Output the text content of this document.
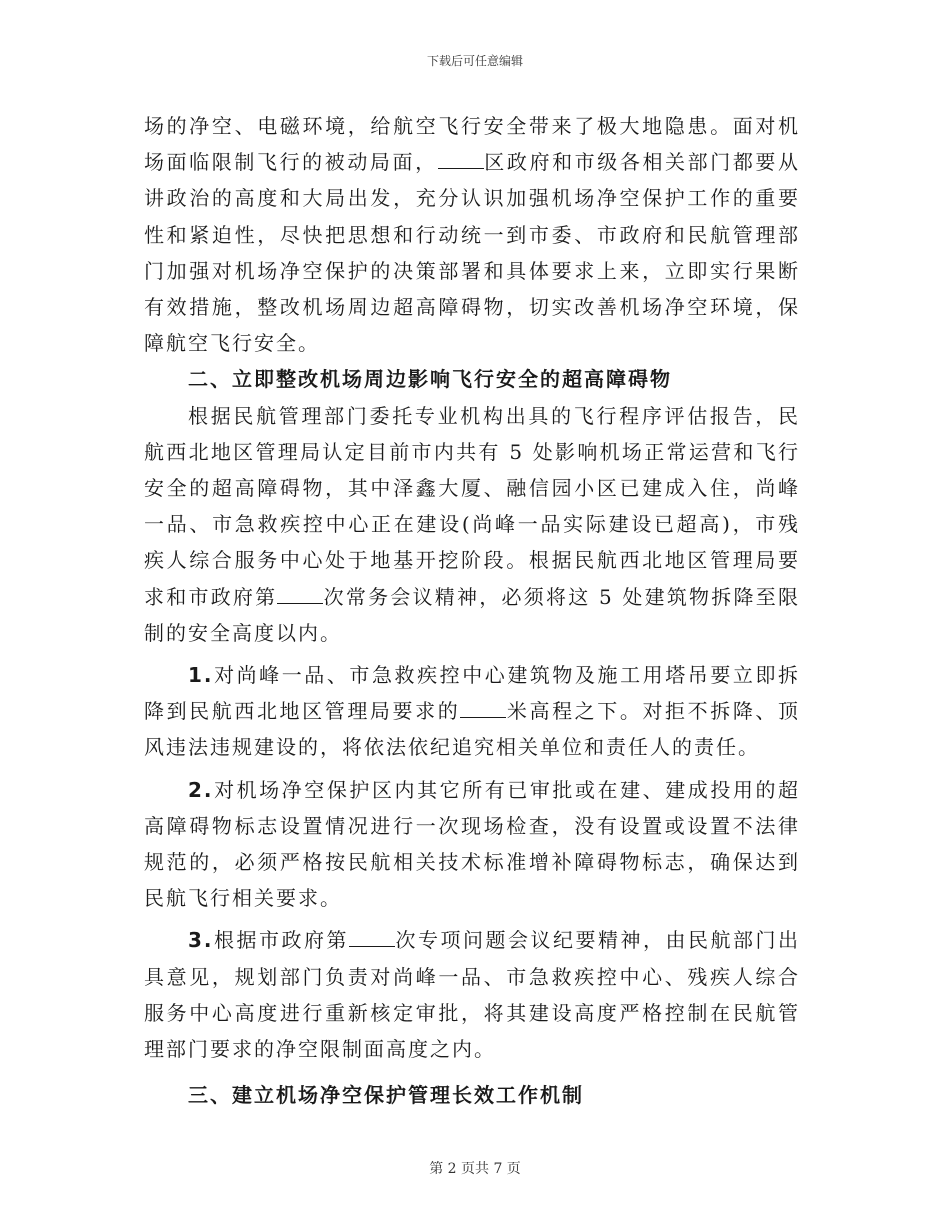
下载后可任意编辑

场的净空、电磁环境，给航空飞行安全带来了极大地隐患。面对机场面临限制飞行的被动局面， 区政府和市级各相关部门都要从讲政治的高度和大局出发，充分认识加强机场净空保护工作的重要性和紧迫性，尽快把思想和行动统一到市委、市政府和民航管理部门加强对机场净空保护的决策部署和具体要求上来，立即实行果断有效措施，整改机场周边超高障碍物，切实改善机场净空环境，保障航空飞行安全。

二、立即整改机场周边影响飞行安全的超高障碍物

根据民航管理部门委托专业机构出具的飞行程序评估报告，民航西北地区管理局认定目前市内共有 5 处影响机场正常运营和飞行安全的超高障碍物，其中泽鑫大厦、融信园小区已建成入住，尚峰一品、市急救疾控中心正在建设(尚峰一品实际建设已超高)，市残疾人综合服务中心处于地基开挖阶段。根据民航西北地区管理局要求和市政府第 次常务会议精神，必须将这 5 处建筑物拆降至限制的安全高度以内。

1.对尚峰一品、市急救疾控中心建筑物及施工用塔吊要立即拆降到民航西北地区管理局要求的 米高程之下。对拒不拆降、顶风违法违规建设的，将依法依纪追究相关单位和责任人的责任。

2.对机场净空保护区内其它所有已审批或在建、建成投用的超高障碍物标志设置情况进行一次现场检查，没有设置或设置不法律规范的，必须严格按民航相关技术标准增补障碍物标志，确保达到民航飞行相关要求。

3.根据市政府第 次专项问题会议纪要精神，由民航部门出具意见，规划部门负责对尚峰一品、市急救疾控中心、残疾人综合服务中心高度进行重新核定审批，将其建设高度严格控制在民航管理部门要求的净空限制面高度之内。

三、建立机场净空保护管理长效工作机制

第 2 页共 7 页
